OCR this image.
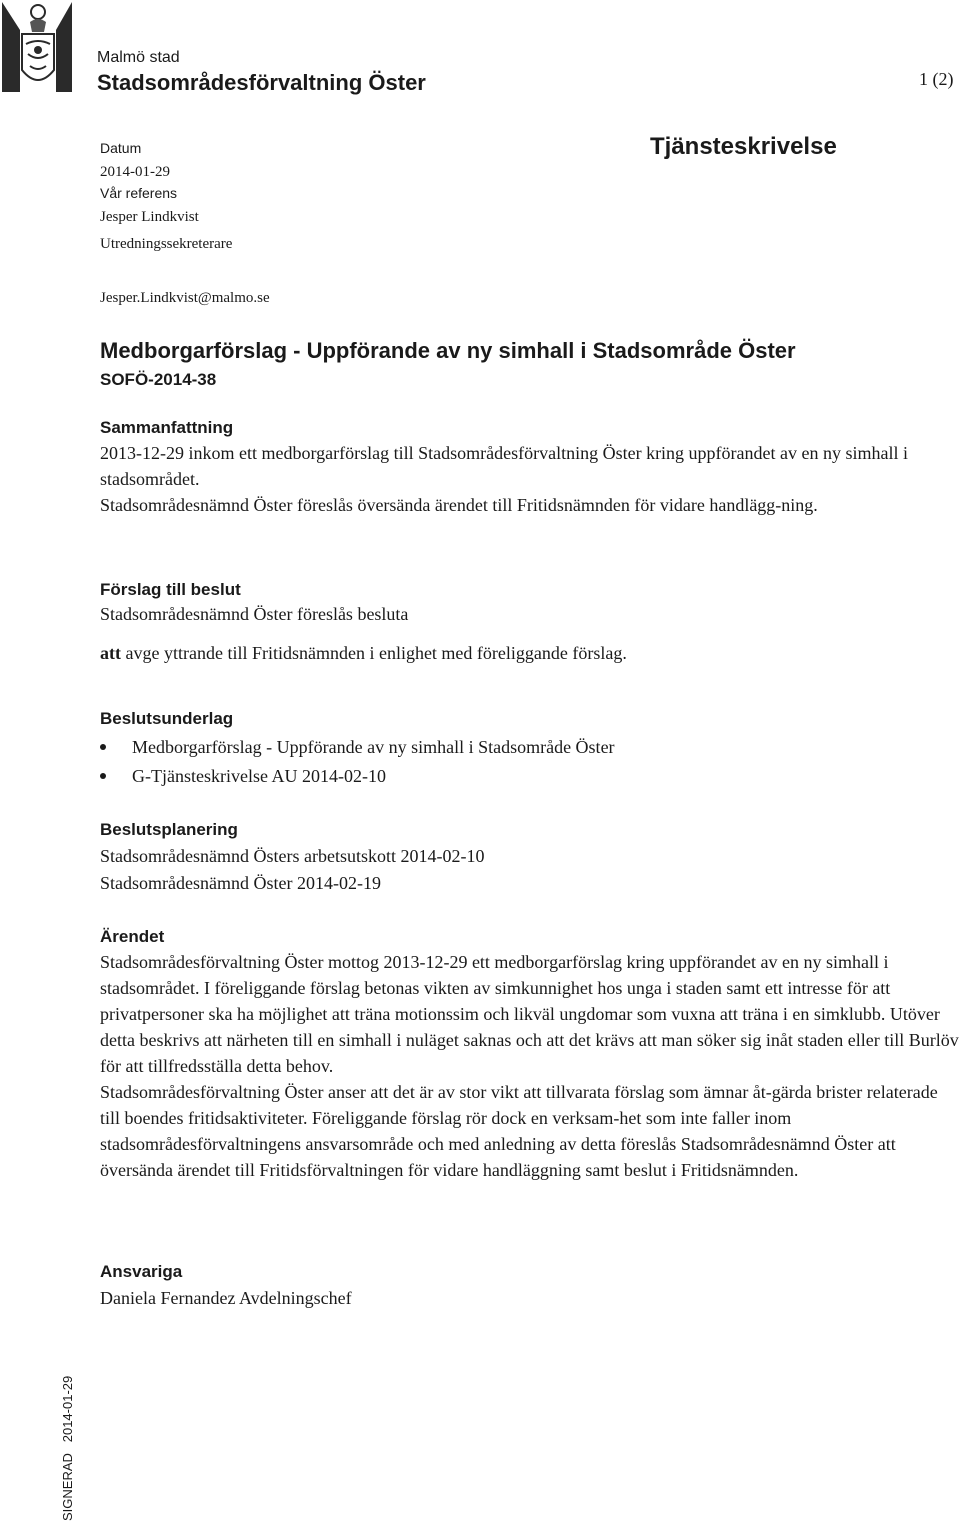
Malmö stad
Stadsområdesförvaltning Öster	1 (2)
Datum
2014-01-29
Vår referens
Jesper Lindkvist
Utredningssekreterare
Jesper.Lindkvist@malmo.se
Tjänsteskrivelse
Medborgarförslag - Uppförande av ny simhall i Stadsområde Öster
SOFÖ-2014-38
Sammanfattning

2013-12-29 inkom ett medborgarförslag till Stadsområdesförvaltning Öster kring uppförandet av en ny simhall i stadsområdet.

Stadsområdesnämnd Öster föreslås översända ärendet till Fritidsnämnden för vidare handlägg-ning.

Förslag till beslut
Stadsområdesnämnd Öster föreslås besluta
att avge yttrande till Fritidsnämnden i enlighet med föreliggande förslag.
Beslutsunderlag
Medborgarförslag - Uppförande av ny simhall i Stadsområde Öster
G-Tjänsteskrivelse AU 2014-02-10
Beslutsplanering
Stadsområdesnämnd Östers arbetsutskott 2014-02-10
Stadsområdesnämnd Öster 2014-02-19
Ärendet

Stadsområdesförvaltning Öster mottog 2013-12-29 ett medborgarförslag kring uppförandet av en ny simhall i stadsområdet. I föreliggande förslag betonas vikten av simkunnighet hos unga i staden samt ett intresse för att privatpersoner ska ha möjlighet att träna motionssim och likväl ungdomar som vuxna att träna i en simklubb. Utöver detta beskrivs att närheten till en simhall i nuläget saknas och att det krävs att man söker sig inåt staden eller till Burlöv för att tillfredsställa detta behov.

Stadsområdesförvaltning Öster anser att det är av stor vikt att tillvarata förslag som ämnar åt-gärda brister relaterade till boendes fritidsaktiviteter. Föreliggande förslag rör dock en verksam-het som inte faller inom stadsområdesförvaltningens ansvarsområde och med anledning av detta föreslås Stadsområdesnämnd Öster att översända ärendet till Fritidsförvaltningen för vidare handläggning samt beslut i Fritidsnämnden.

Ansvariga
Daniela Fernandez Avdelningschef
SIGNERAD   2014-01-29
